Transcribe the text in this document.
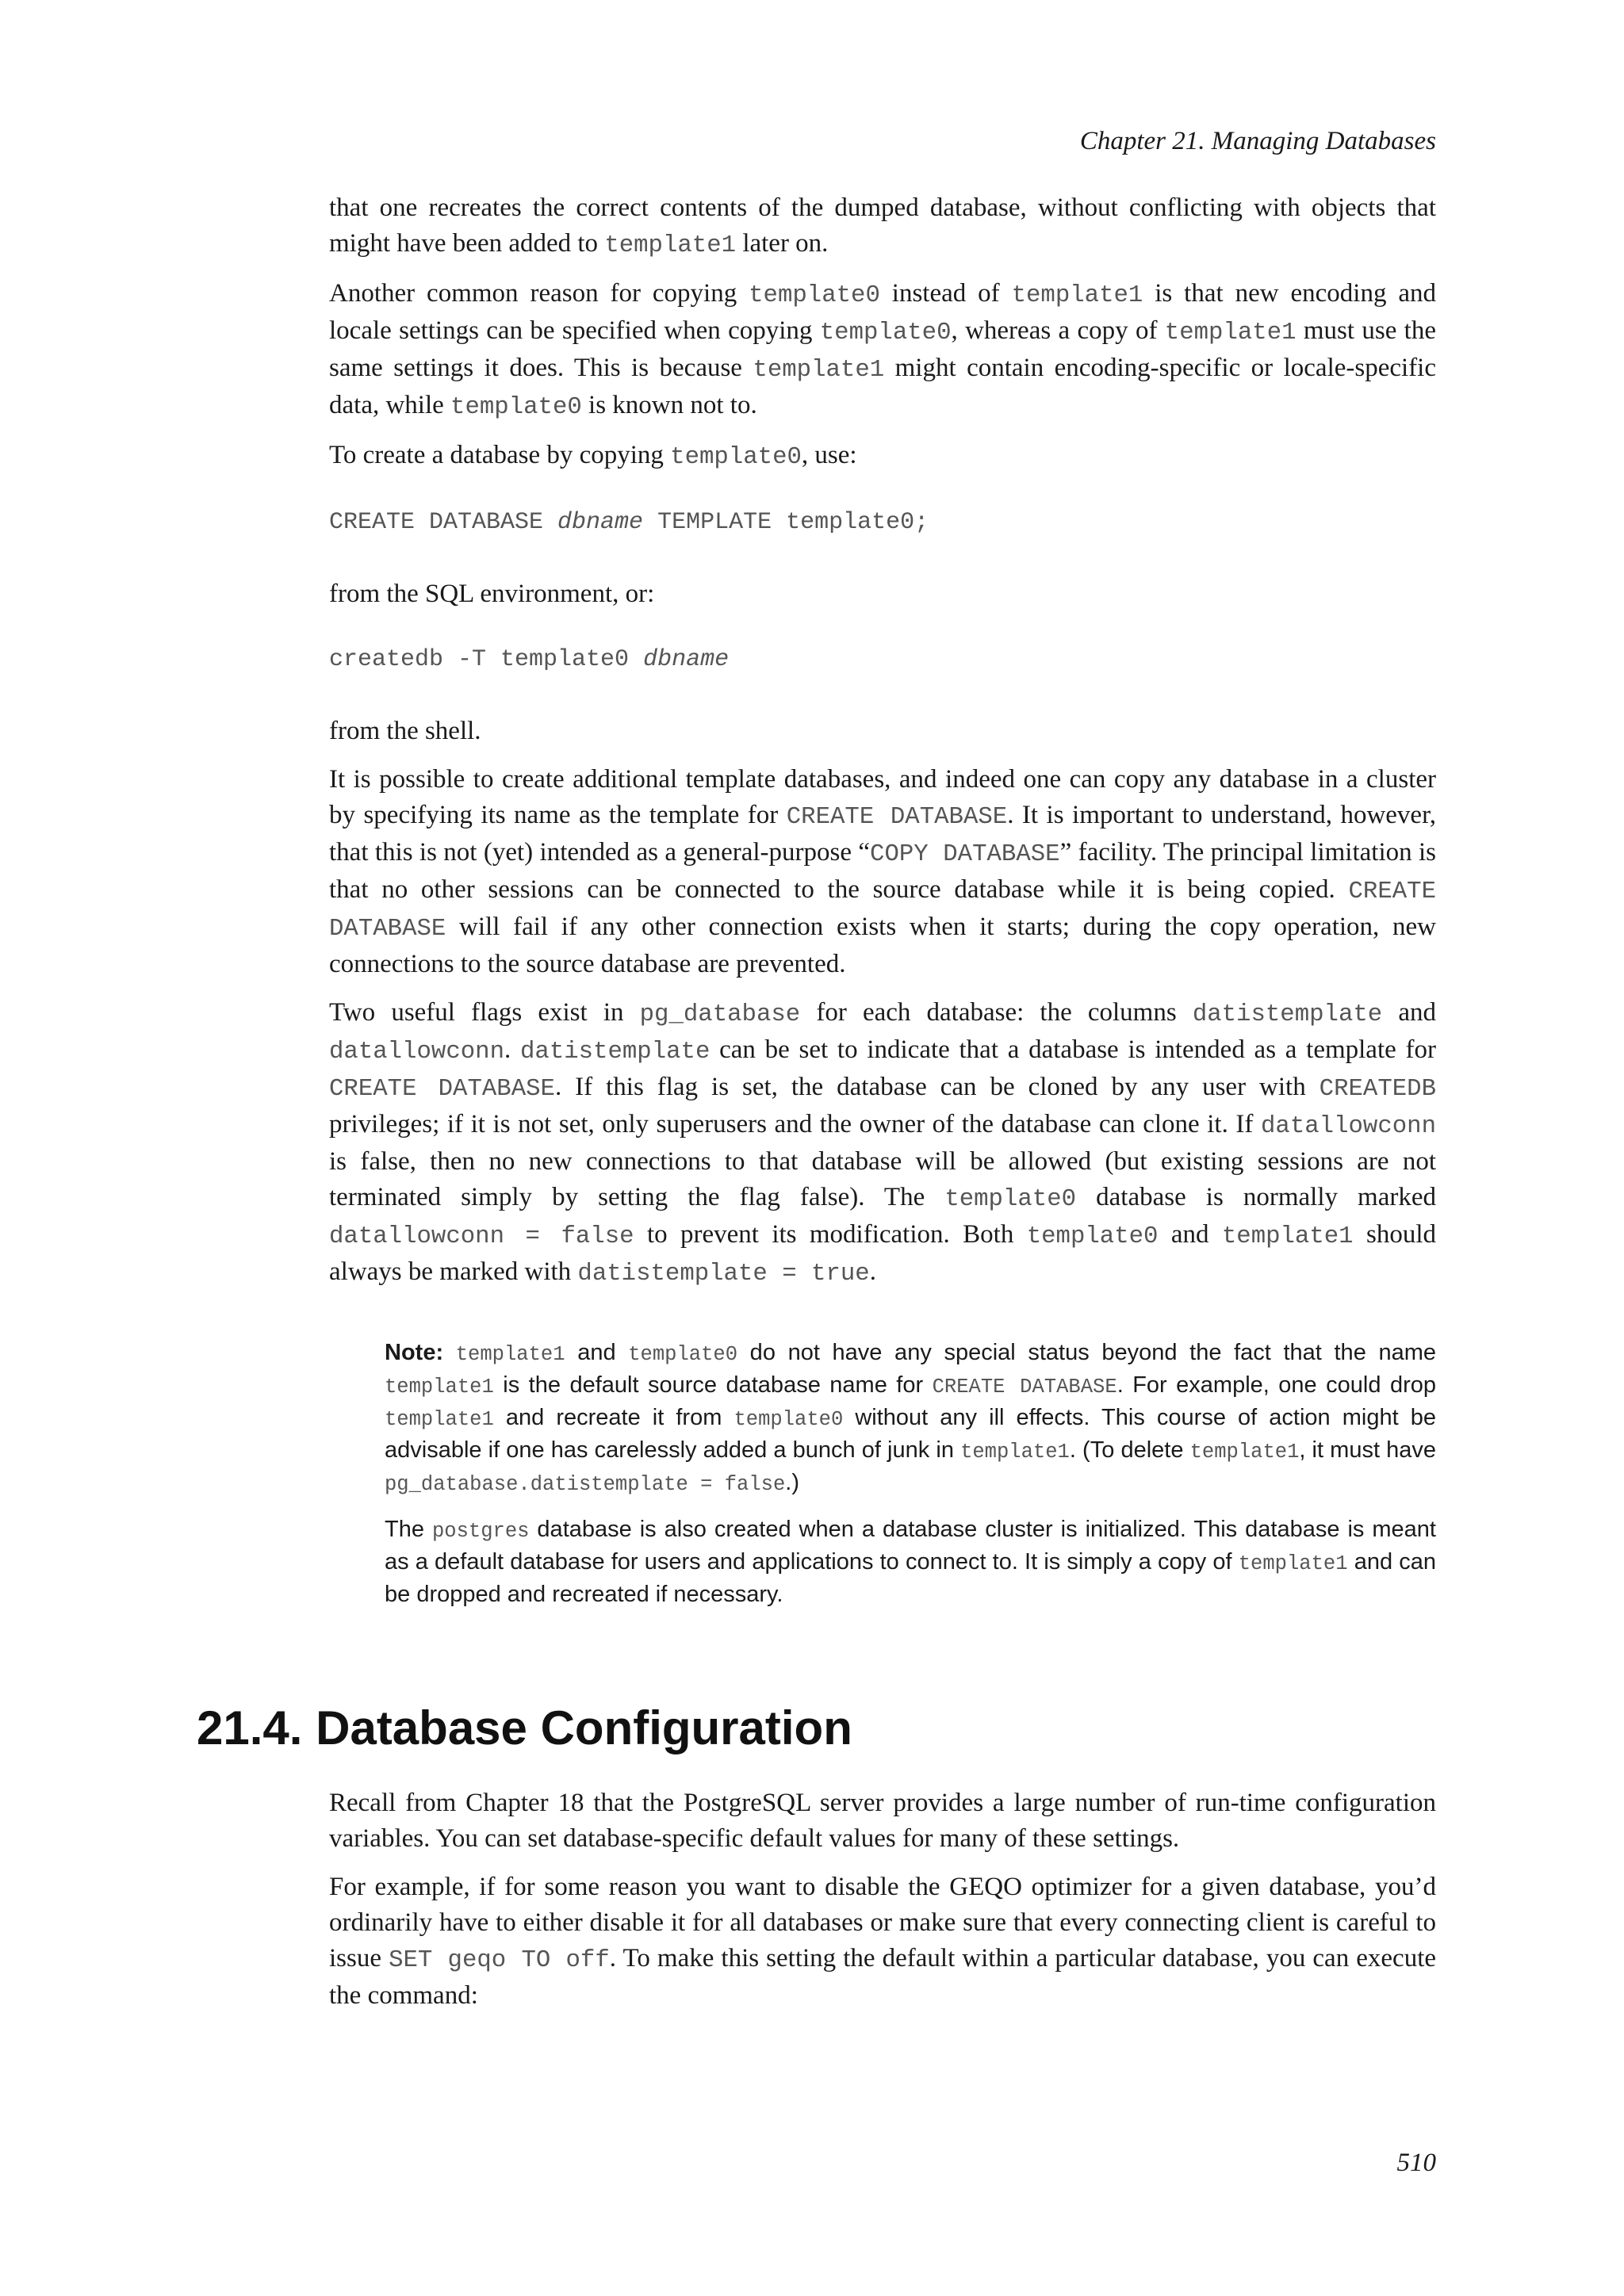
Chapter 21. Managing Databases

that one recreates the correct contents of the dumped database, without conflicting with objects that might have been added to template1 later on.

Another common reason for copying template0 instead of template1 is that new encoding and locale settings can be specified when copying template0, whereas a copy of template1 must use the same settings it does. This is because template1 might contain encoding-specific or locale-specific data, while template0 is known not to.

To create a database by copying template0, use:

CREATE DATABASE dbname TEMPLATE template0;

from the SQL environment, or:

createdb -T template0 dbname

from the shell.

It is possible to create additional template databases, and indeed one can copy any database in a cluster by specifying its name as the template for CREATE DATABASE. It is important to understand, however, that this is not (yet) intended as a general-purpose “COPY DATABASE” facility. The principal limitation is that no other sessions can be connected to the source database while it is being copied. CREATE DATABASE will fail if any other connection exists when it starts; during the copy operation, new connections to the source database are prevented.

Two useful flags exist in pg_database for each database: the columns datistemplate and datallowconn. datistemplate can be set to indicate that a database is intended as a template for CREATE DATABASE. If this flag is set, the database can be cloned by any user with CREATEDB privileges; if it is not set, only superusers and the owner of the database can clone it. If datallowconn is false, then no new connections to that database will be allowed (but existing sessions are not terminated simply by setting the flag false). The template0 database is normally marked datallowconn = false to prevent its modification. Both template0 and template1 should always be marked with datistemplate = true.

Note: template1 and template0 do not have any special status beyond the fact that the name template1 is the default source database name for CREATE DATABASE. For example, one could drop template1 and recreate it from template0 without any ill effects. This course of action might be advisable if one has carelessly added a bunch of junk in template1. (To delete template1, it must have pg_database.datistemplate = false.)

The postgres database is also created when a database cluster is initialized. This database is meant as a default database for users and applications to connect to. It is simply a copy of template1 and can be dropped and recreated if necessary.

21.4. Database Configuration

Recall from Chapter 18 that the PostgreSQL server provides a large number of run-time configuration variables. You can set database-specific default values for many of these settings.

For example, if for some reason you want to disable the GEQO optimizer for a given database, you’d ordinarily have to either disable it for all databases or make sure that every connecting client is careful to issue SET geqo TO off. To make this setting the default within a particular database, you can execute the command:

510
